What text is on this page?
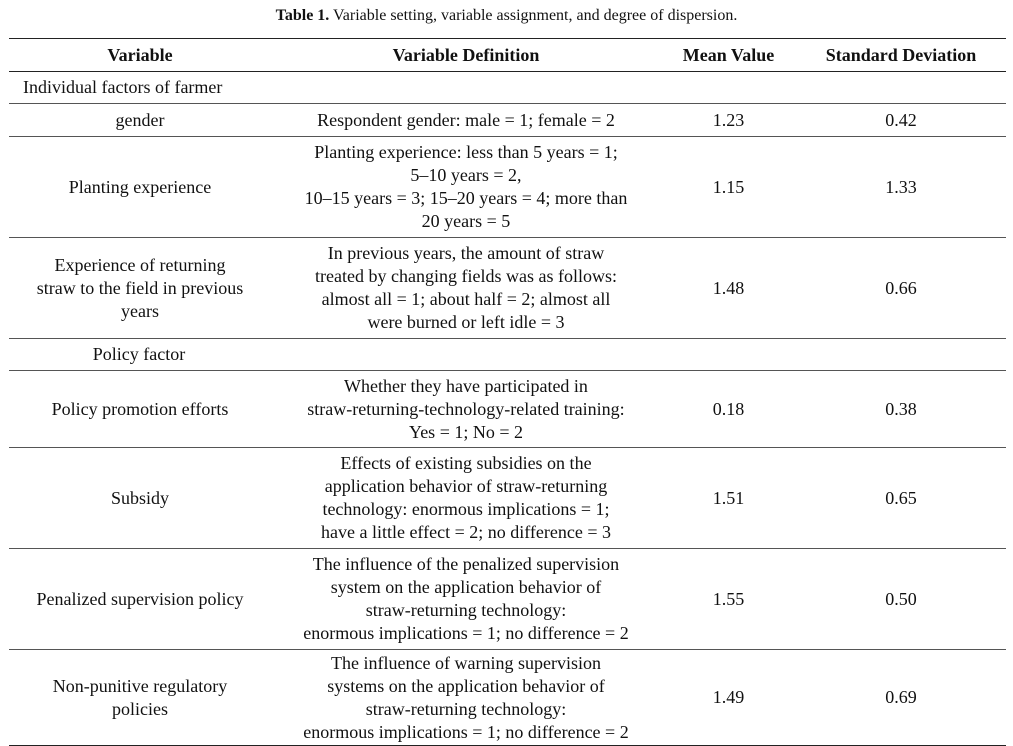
Table 1. Variable setting, variable assignment, and degree of dispersion.
Variable	Variable Definition	Mean Value	Standard Deviation
Individual factors of farmer			
gender	Respondent gender: male = 1; female = 2	1.23	0.42
Planting experience	Planting experience: less than 5 years = 1;
5–10 years = 2,
10–15 years = 3; 15–20 years = 4; more than
20 years = 5	1.15	1.33

Experience of returning
straw to the field in previous
years	In previous years, the amount of straw
treated by changing fields was as follows:
almost all = 1; about half = 2; almost all
were burned or left idle = 3	1.48	0.66
Policy factor			
Policy promotion efforts	Whether they have participated in
straw-returning-technology-related training:
Yes = 1; No = 2	0.18	0.38
Subsidy	Effects of existing subsidies on the
application behavior of straw-returning
technology: enormous implications = 1;
have a little effect = 2; no difference = 3	1.51	0.65
Penalized supervision policy	The influence of the penalized supervision
system on the application behavior of
straw-returning technology:
enormous implications = 1; no difference = 2	1.55	0.50

Non-punitive regulatory
policies	The influence of warning supervision
systems on the application behavior of
straw-returning technology:
enormous implications = 1; no difference = 2	1.49	0.69
